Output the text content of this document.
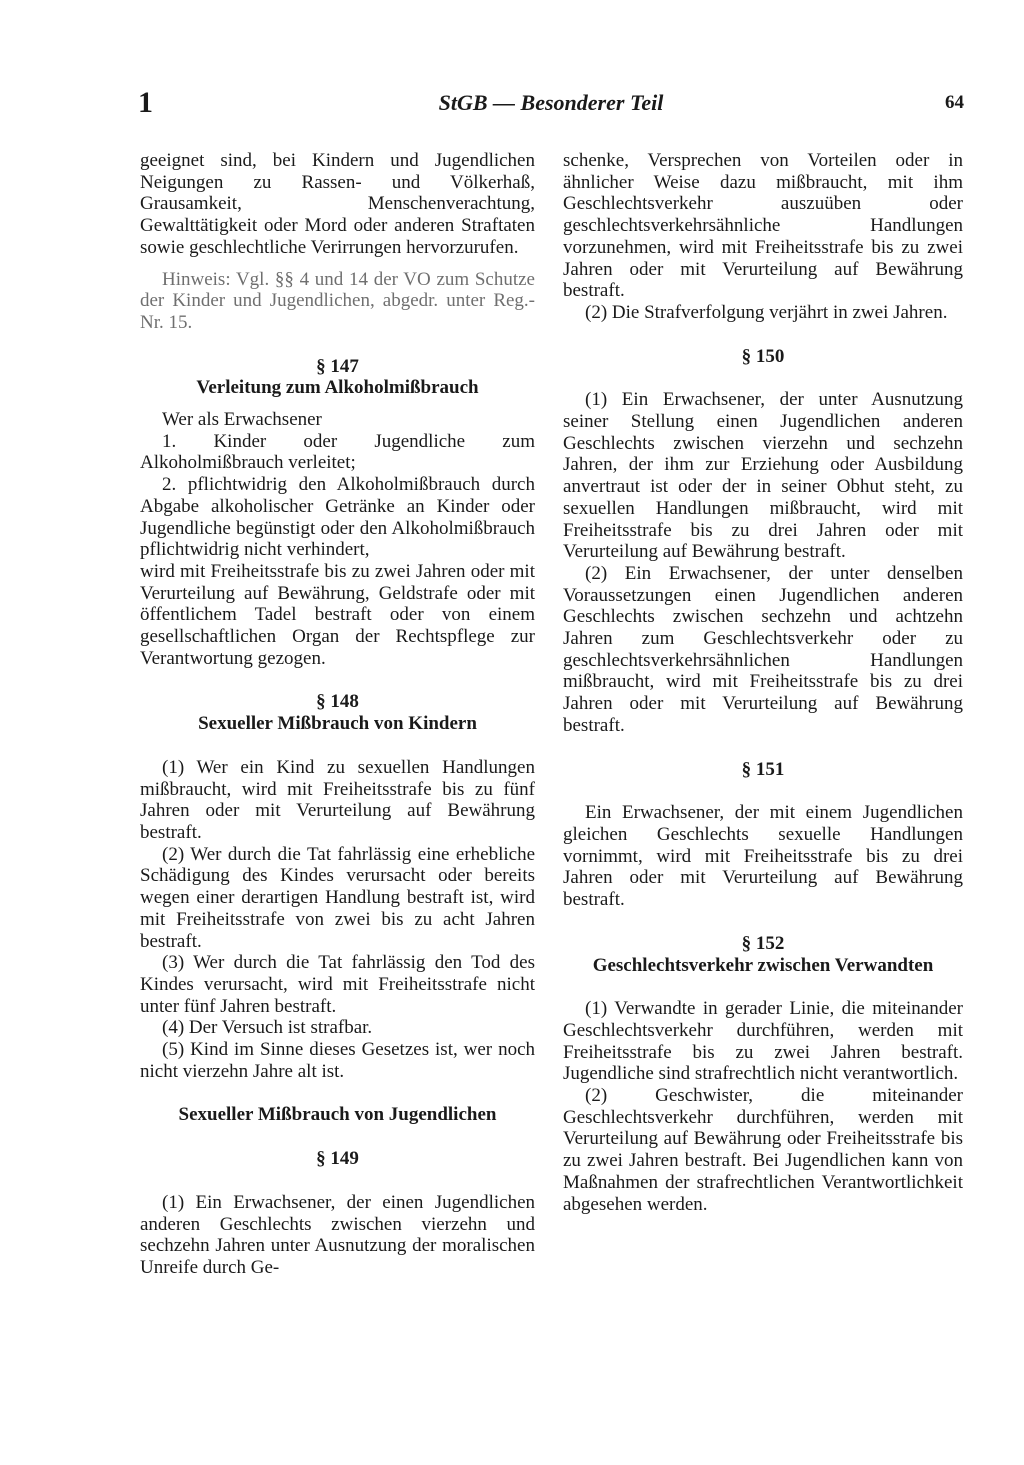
1	StGB — Besonderer Teil	64

geeignet sind, bei Kindern und Jugendlichen Neigungen zu Rassen- und Völkerhaß, Grausamkeit, Menschenverachtung, Gewalttätigkeit oder Mord oder anderen Straftaten sowie geschlechtliche Verirrungen hervorzurufen.

Hinweis: Vgl. §§ 4 und 14 der VO zum Schutze der Kinder und Jugendlichen, abgedr. unter Reg.-Nr. 15.

§ 147

Verleitung zum Alkoholmißbrauch

Wer als Erwachsener

1. Kinder oder Jugendliche zum Alkoholmißbrauch verleitet;

2. pflichtwidrig den Alkoholmißbrauch durch Abgabe alkoholischer Getränke an Kinder oder Jugendliche begünstigt oder den Alkoholmißbrauch pflichtwidrig nicht verhindert,

wird mit Freiheitsstrafe bis zu zwei Jahren oder mit Verurteilung auf Bewährung, Geldstrafe oder mit öffentlichem Tadel bestraft oder von einem gesellschaftlichen Organ der Rechtspflege zur Verantwortung gezogen.

§ 148

Sexueller Mißbrauch von Kindern

(1) Wer ein Kind zu sexuellen Handlungen mißbraucht, wird mit Freiheitsstrafe bis zu fünf Jahren oder mit Verurteilung auf Bewährung bestraft.

(2) Wer durch die Tat fahrlässig eine erhebliche Schädigung des Kindes verursacht oder bereits wegen einer derartigen Handlung bestraft ist, wird mit Freiheitsstrafe von zwei bis zu acht Jahren bestraft.

(3) Wer durch die Tat fahrlässig den Tod des Kindes verursacht, wird mit Freiheitsstrafe nicht unter fünf Jahren bestraft.

(4) Der Versuch ist strafbar.

(5) Kind im Sinne dieses Gesetzes ist, wer noch nicht vierzehn Jahre alt ist.

Sexueller Mißbrauch von Jugendlichen

§ 149

(1) Ein Erwachsener, der einen Jugendlichen anderen Geschlechts zwischen vierzehn und sechzehn Jahren unter Ausnutzung der moralischen Unreife durch Ge-

schenke, Versprechen von Vorteilen oder in ähnlicher Weise dazu mißbraucht, mit ihm Geschlechtsverkehr auszuüben oder geschlechtsverkehrsähnliche Handlungen vorzunehmen, wird mit Freiheitsstrafe bis zu zwei Jahren oder mit Verurteilung auf Bewährung bestraft.

(2) Die Strafverfolgung verjährt in zwei Jahren.

§ 150

(1) Ein Erwachsener, der unter Ausnutzung seiner Stellung einen Jugendlichen anderen Geschlechts zwischen vierzehn und sechzehn Jahren, der ihm zur Erziehung oder Ausbildung anvertraut ist oder der in seiner Obhut steht, zu sexuellen Handlungen mißbraucht, wird mit Freiheitsstrafe bis zu drei Jahren oder mit Verurteilung auf Bewährung bestraft.

(2) Ein Erwachsener, der unter denselben Voraussetzungen einen Jugendlichen anderen Geschlechts zwischen sechzehn und achtzehn Jahren zum Geschlechtsverkehr oder zu geschlechtsverkehrsähnlichen Handlungen mißbraucht, wird mit Freiheitsstrafe bis zu drei Jahren oder mit Verurteilung auf Bewährung bestraft.

§ 151

Ein Erwachsener, der mit einem Jugendlichen gleichen Geschlechts sexuelle Handlungen vornimmt, wird mit Freiheitsstrafe bis zu drei Jahren oder mit Verurteilung auf Bewährung bestraft.

§ 152

Geschlechtsverkehr zwischen Verwandten

(1) Verwandte in gerader Linie, die miteinander Geschlechtsverkehr durchführen, werden mit Freiheitsstrafe bis zu zwei Jahren bestraft. Jugendliche sind strafrechtlich nicht verantwortlich.

(2) Geschwister, die miteinander Geschlechtsverkehr durchführen, werden mit Verurteilung auf Bewährung oder Freiheitsstrafe bis zu zwei Jahren bestraft. Bei Jugendlichen kann von Maßnahmen der strafrechtlichen Verantwortlichkeit abgesehen werden.
